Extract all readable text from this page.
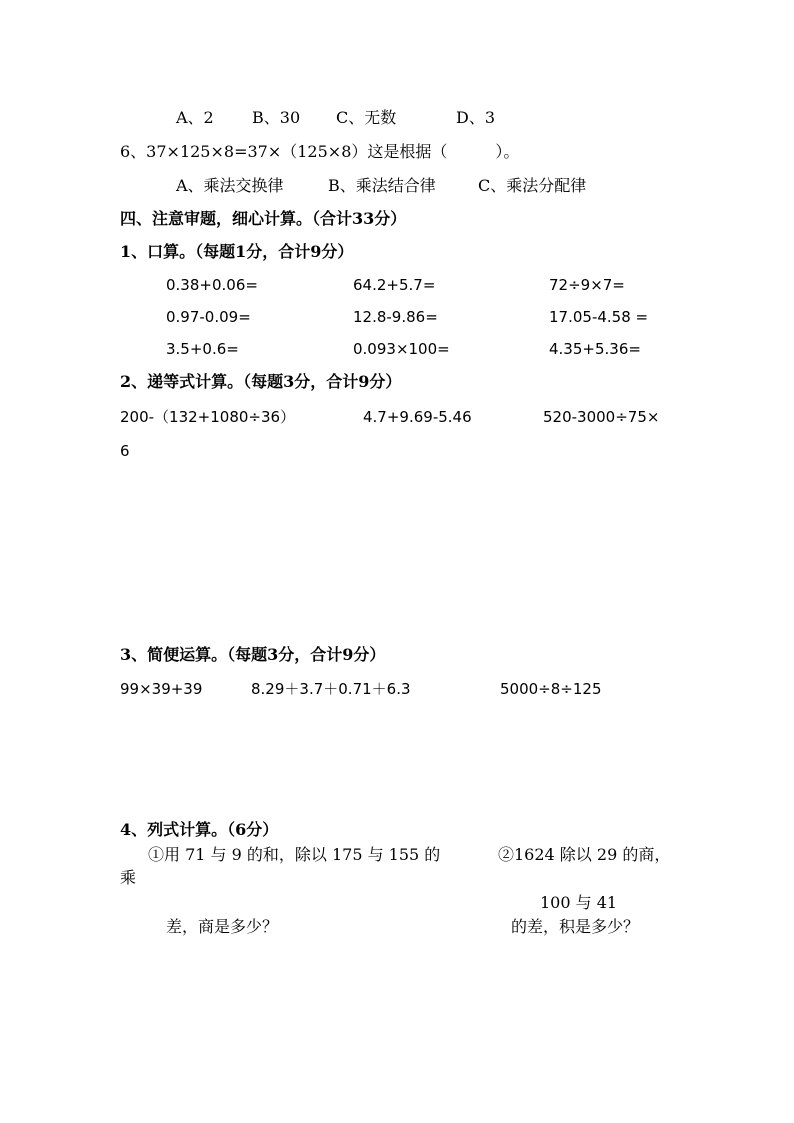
A、2 B、30 C、无数	D、3
6、37×125×8=37×（125×8）这是根据（　　　）。
A、乘法交换律	B、乘法结合律	C、乘法分配律
四、注意审题，细心计算。（合计33分）
1、口算。（每题1分，合计9分）
0.38+0.06=	64.2+5.7=	72÷9×7=
0.97-0.09=	12.8-9.86=	17.05-4.58 =
3.5+0.6=	0.093×100=	4.35+5.36=
2、递等式计算。（每题3分，合计9分）
200-（132+1080÷36）	4.7+9.69-5.46	520-3000÷75×
6
3、简便运算。（每题3分，合计9分）
99×39+39	8.29＋3.7＋0.71＋6.3	5000÷8÷125
4、列式计算。（6分）
①用 71 与 9 的和，除以 175 与 155 的
乘
差，商是多少？
②1624 除以 29 的商，
100 与 41
的差，积是多少？
